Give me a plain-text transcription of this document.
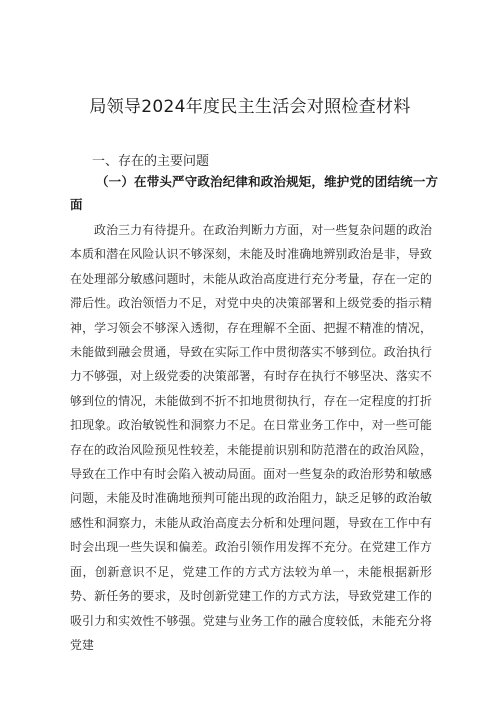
局领导2024年度民主生活会对照检查材料
一、存在的主要问题
（一）在带头严守政治纪律和政治规矩，维护党的团结统一方面

政治三力有待提升。在政治判断力方面，对一些复杂问题的政治本质和潜在风险认识不够深刻，未能及时准确地辨别政治是非，导致在处理部分敏感问题时，未能从政治高度进行充分考量，存在一定的滞后性。政治领悟力不足，对党中央的决策部署和上级党委的指示精神，学习领会不够深入透彻，存在理解不全面、把握不精准的情况，未能做到融会贯通，导致在实际工作中贯彻落实不够到位。政治执行力不够强，对上级党委的决策部署，有时存在执行不够坚决、落实不够到位的情况，未能做到不折不扣地贯彻执行，存在一定程度的打折扣现象。政治敏锐性和洞察力不足。在日常业务工作中，对一些可能存在的政治风险预见性较差，未能提前识别和防范潜在的政治风险，导致在工作中有时会陷入被动局面。面对一些复杂的政治形势和敏感问题，未能及时准确地预判可能出现的政治阻力，缺乏足够的政治敏感性和洞察力，未能从政治高度去分析和处理问题，导致在工作中有时会出现一些失误和偏差。政治引领作用发挥不充分。在党建工作方面，创新意识不足，党建工作的方式方法较为单一，未能根据新形势、新任务的要求，及时创新党建工作的方式方法，导致党建工作的吸引力和实效性不够强。党建与业务工作的融合度较低，未能充分将党建
